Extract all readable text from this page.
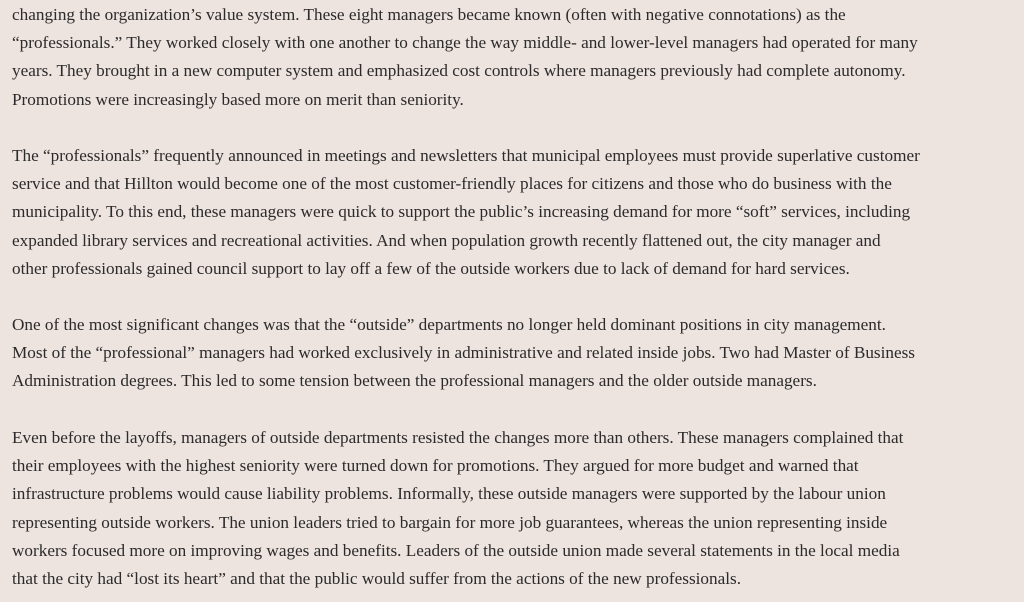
changing the organization’s value system. These eight managers became known (often with negative connotations) as the
“professionals.” They worked closely with one another to change the way middle- and lower-level managers had operated for many
years. They brought in a new computer system and emphasized cost controls where managers previously had complete autonomy.
Promotions were increasingly based more on merit than seniority.

The “professionals” frequently announced in meetings and newsletters that municipal employees must provide superlative customer
service and that Hillton would become one of the most customer-friendly places for citizens and those who do business with the
municipality. To this end, these managers were quick to support the public’s increasing demand for more “soft” services, including
expanded library services and recreational activities. And when population growth recently flattened out, the city manager and
other professionals gained council support to lay off a few of the outside workers due to lack of demand for hard services.

One of the most significant changes was that the “outside” departments no longer held dominant positions in city management.
Most of the “professional” managers had worked exclusively in administrative and related inside jobs. Two had Master of Business
Administration degrees. This led to some tension between the professional managers and the older outside managers.

Even before the layoffs, managers of outside departments resisted the changes more than others. These managers complained that
their employees with the highest seniority were turned down for promotions. They argued for more budget and warned that
infrastructure problems would cause liability problems. Informally, these outside managers were supported by the labour union
representing outside workers. The union leaders tried to bargain for more job guarantees, whereas the union representing inside
workers focused more on improving wages and benefits. Leaders of the outside union made several statements in the local media
that the city had “lost its heart” and that the public would suffer from the actions of the new professionals.
